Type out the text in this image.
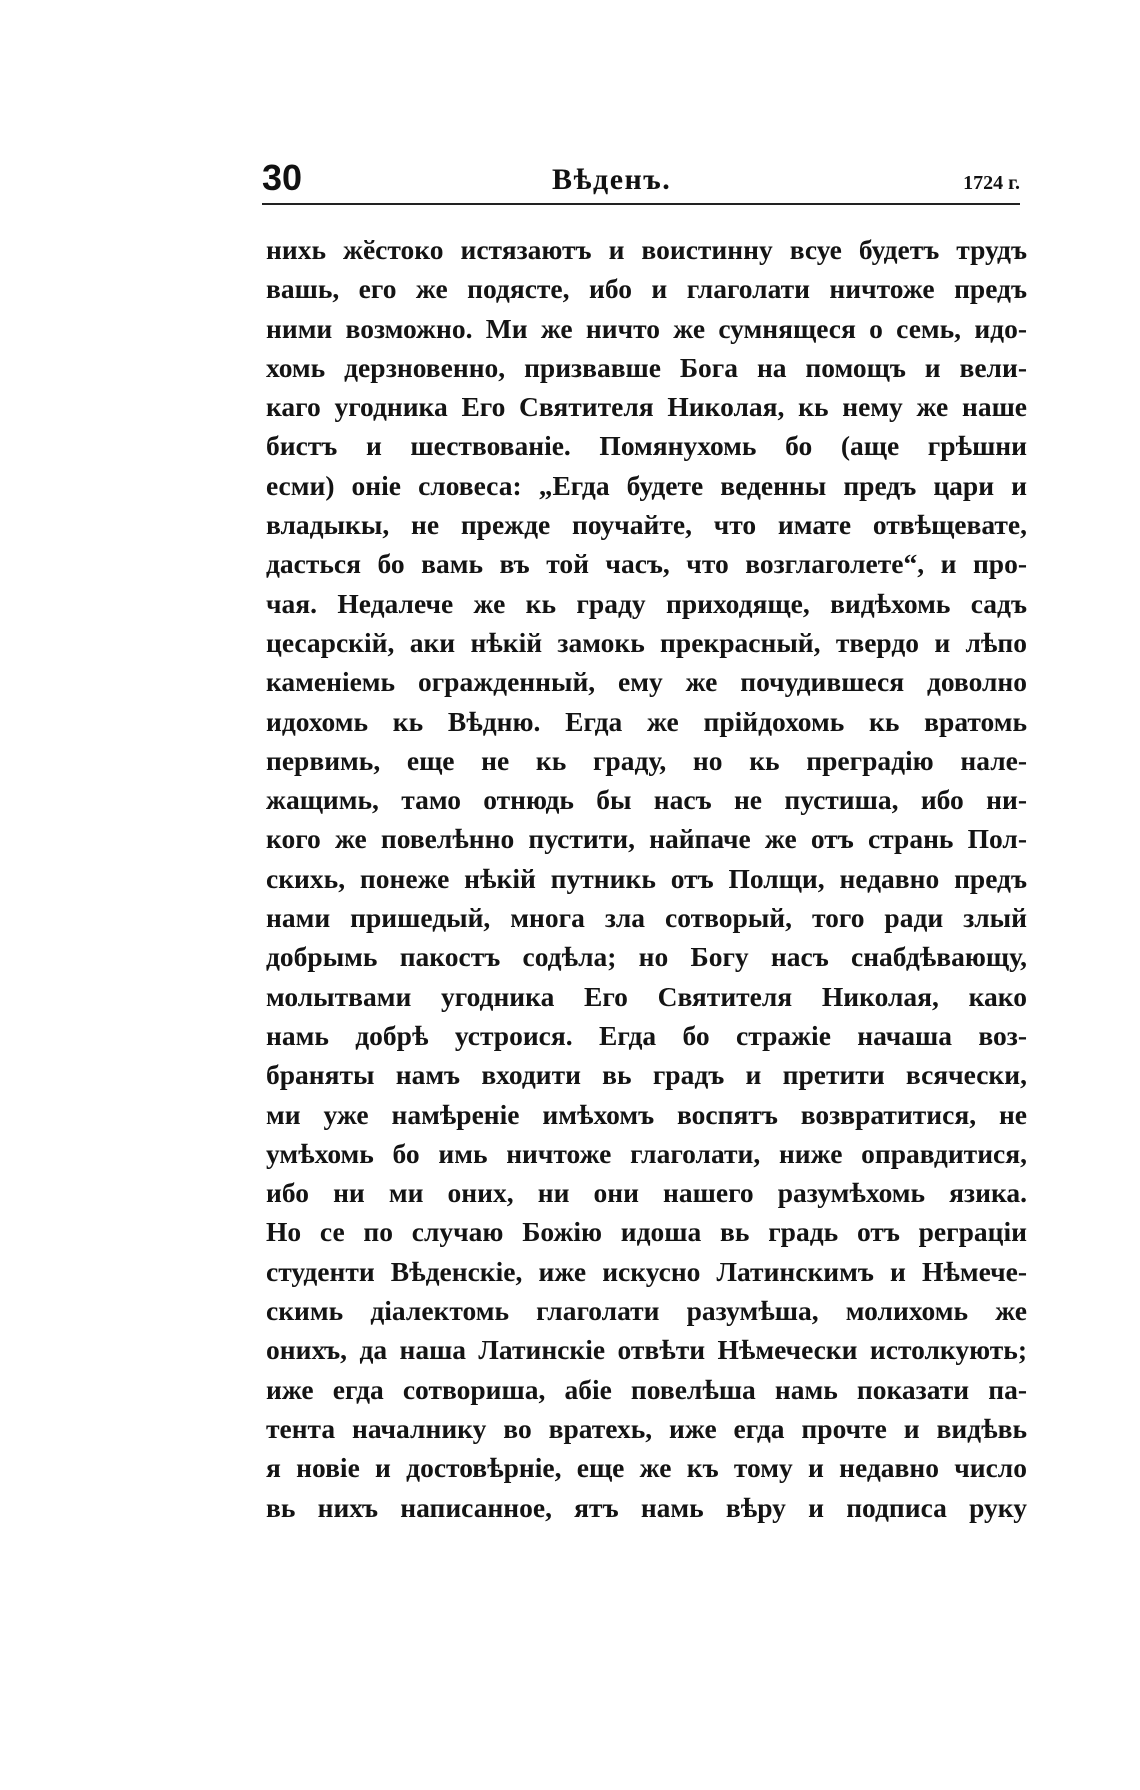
30	Вѣденъ.	1724 г.
нихь жӗстоко истязаютъ и воистинну всуе будетъ трудъ
вашь, его же подясте, ибо и глаголати ничтоже предъ
ними возможно. Ми же ничто же сумнящеся о семь, идо-
хомь дерзновенно, призвавше Бога на помощъ и вели-
каго угодника Его Святителя Николая, кь нему же наше
бистъ и шествованіе. Помянухомь бо (аще грѣшни
есми) оніе словеса: „Егда будете веденны предъ цари и
владыкы, не прежде поучайте, что имате отвѣщевате,
дасться бо вамь въ той часъ, что возглаголете“, и про-
чая. Недалече же кь граду приходяще, видѣхомь садъ
цесарскій, аки нѣкій замокь прекрасный, твердо и лѣпо
каменіемь огражденный, ему же почудившеся доволно
идохомь кь Вѣдню. Егда же прійдохомь кь вратомь
первимь, еще не кь граду, но кь преградію нале-
жащимь, тамо отнюдь бы насъ не пустиша, ибо ни-
кого же повелѣнно пустити, найпаче же отъ странь Пол-
скихь, понеже нѣкій путникь отъ Полщи, недавно предъ
нами пришедый, многа зла сотворый, того ради злый
добрымь пакостъ содѣла; но Богу насъ снабдѣвающу,
молытвами угодника Его Святителя Николая, како
намь добрѣ устроися. Егда бо стражіе начаша воз-
браняты намъ входити вь градъ и претити всячески,
ми уже намѣреніе имѣхомъ воспятъ возвратитися, не
умѣхомь бо имь ничтоже глаголати, ниже оправдитися,
ибо ни ми оних, ни они нашего разумѣхомь язика.
Но се по случаю Божію идоша вь градь отъ реграціи
студенти Вѣденскіе, иже искусно Латинскимъ и Нѣмече-
скимь діалектомь глаголати разумѣша, молихомь же
онихъ, да наша Латинскіе отвѣти Нѣмечески истолкують;
иже егда сотвориша, абіе повелѣша намь показати па-
тента началнику во вратехь, иже егда прочте и видѣвь
я новіе и достовѣрніе, еще же къ тому и недавно число
вь нихъ написанное, ятъ намь вѣру и подписа руку
